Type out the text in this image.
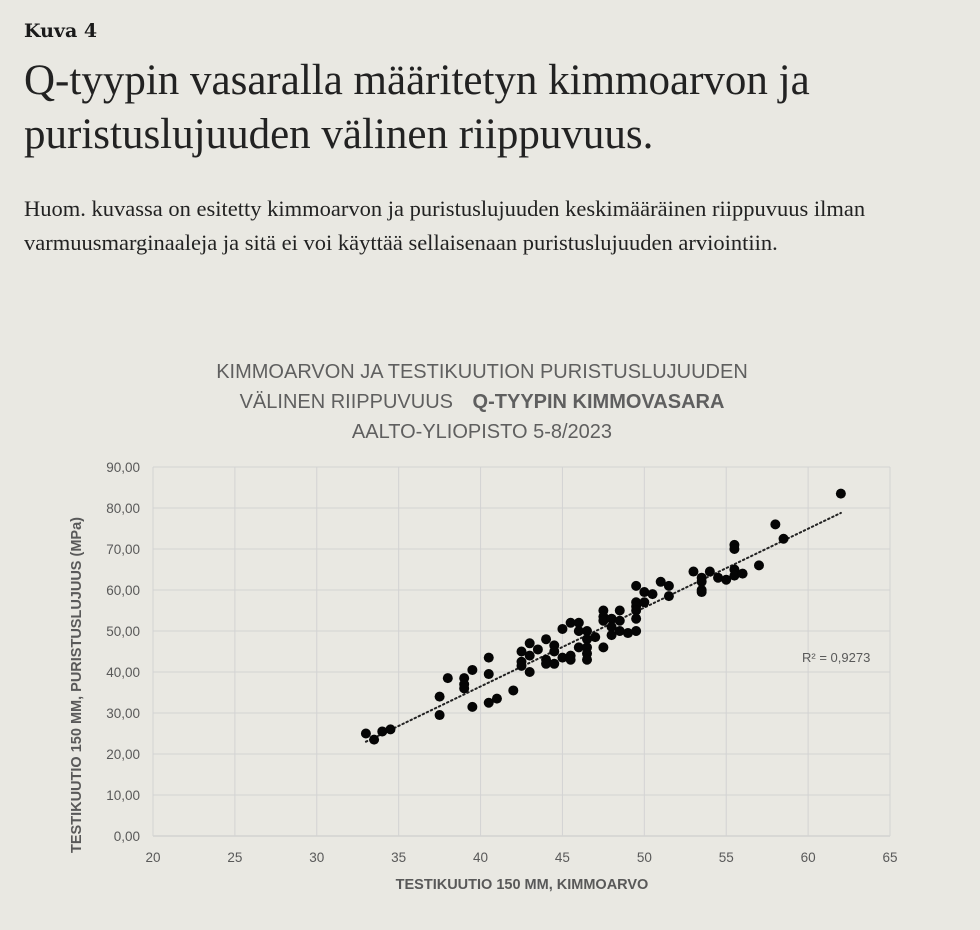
Kuva 4
Q-tyypin vasaralla määritetyn kimmoarvon ja puristuslujuuden välinen riippuvuus.
Huom. kuvassa on esitetty kimmoarvon ja puristuslujuuden keskimääräinen riippuvuus ilman varmuusmarginaaleja ja sitä ei voi käyttää sellaisenaan puristuslujuuden arviointiin.
KIMMOARVON JA TESTIKUUTION PURISTUSLUJUUDEN
VÄLINEN RIIPPUVUUS Q-TYYPIN KIMMOVASARA
AALTO-YLIOPISTO 5-8/2023
0,00
10,00
20,00
30,00
40,00
50,00
60,00
70,00
80,00
90,00
20	25	30	35	40	45	50	55	60	65
R² = 0,9273
TESTIKUUTIO 150 MM, KIMMOARVO
TESTIKUUTIO 150 MM, PURISTUSLUJUUS (MPa)
